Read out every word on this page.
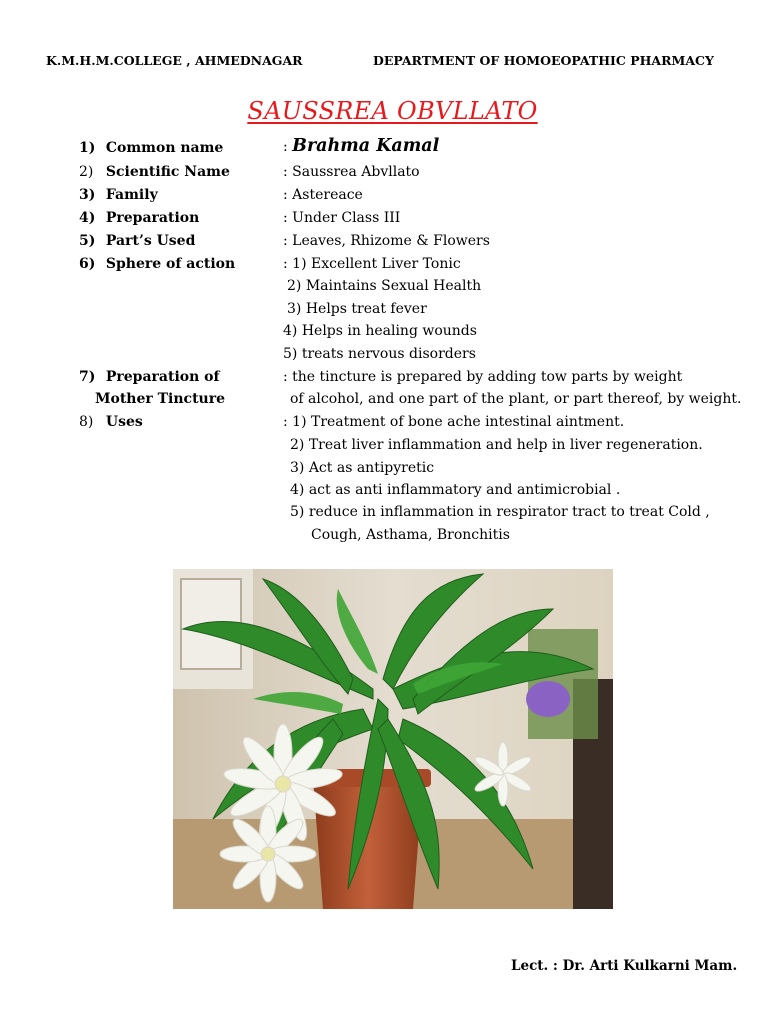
K.M.H.M.COLLEGE , AHMEDNAGAR	DEPARTMENT OF HOMOEOPATHIC PHARMACY
SAUSSREA OBVLLATO
1) Common name	: Brahma Kamal
2) Scientific Name	: Saussrea Abvllato
3) Family	: Astereace
4) Preparation	: Under Class III
5) Part’s Used	: Leaves, Rhizome & Flowers
6) Sphere of action	: 1) Excellent Liver Tonic
2) Maintains Sexual Health
3) Helps treat fever
4) Helps in healing wounds
5) treats nervous disorders
7) Preparation of
Mother Tincture
: the tincture is prepared by adding tow parts by weight
of alcohol, and one part of the plant, or part thereof, by weight.
8) Uses	: 1) Treatment of bone ache intestinal aintment.
2) Treat liver inflammation and help in liver regeneration.
3) Act as antipyretic
4) act as anti inflammatory and antimicrobial .
5) reduce in inflammation in respirator tract to treat Cold ,
Cough, Asthama, Bronchitis
Lect. : Dr. Arti Kulkarni Mam.
